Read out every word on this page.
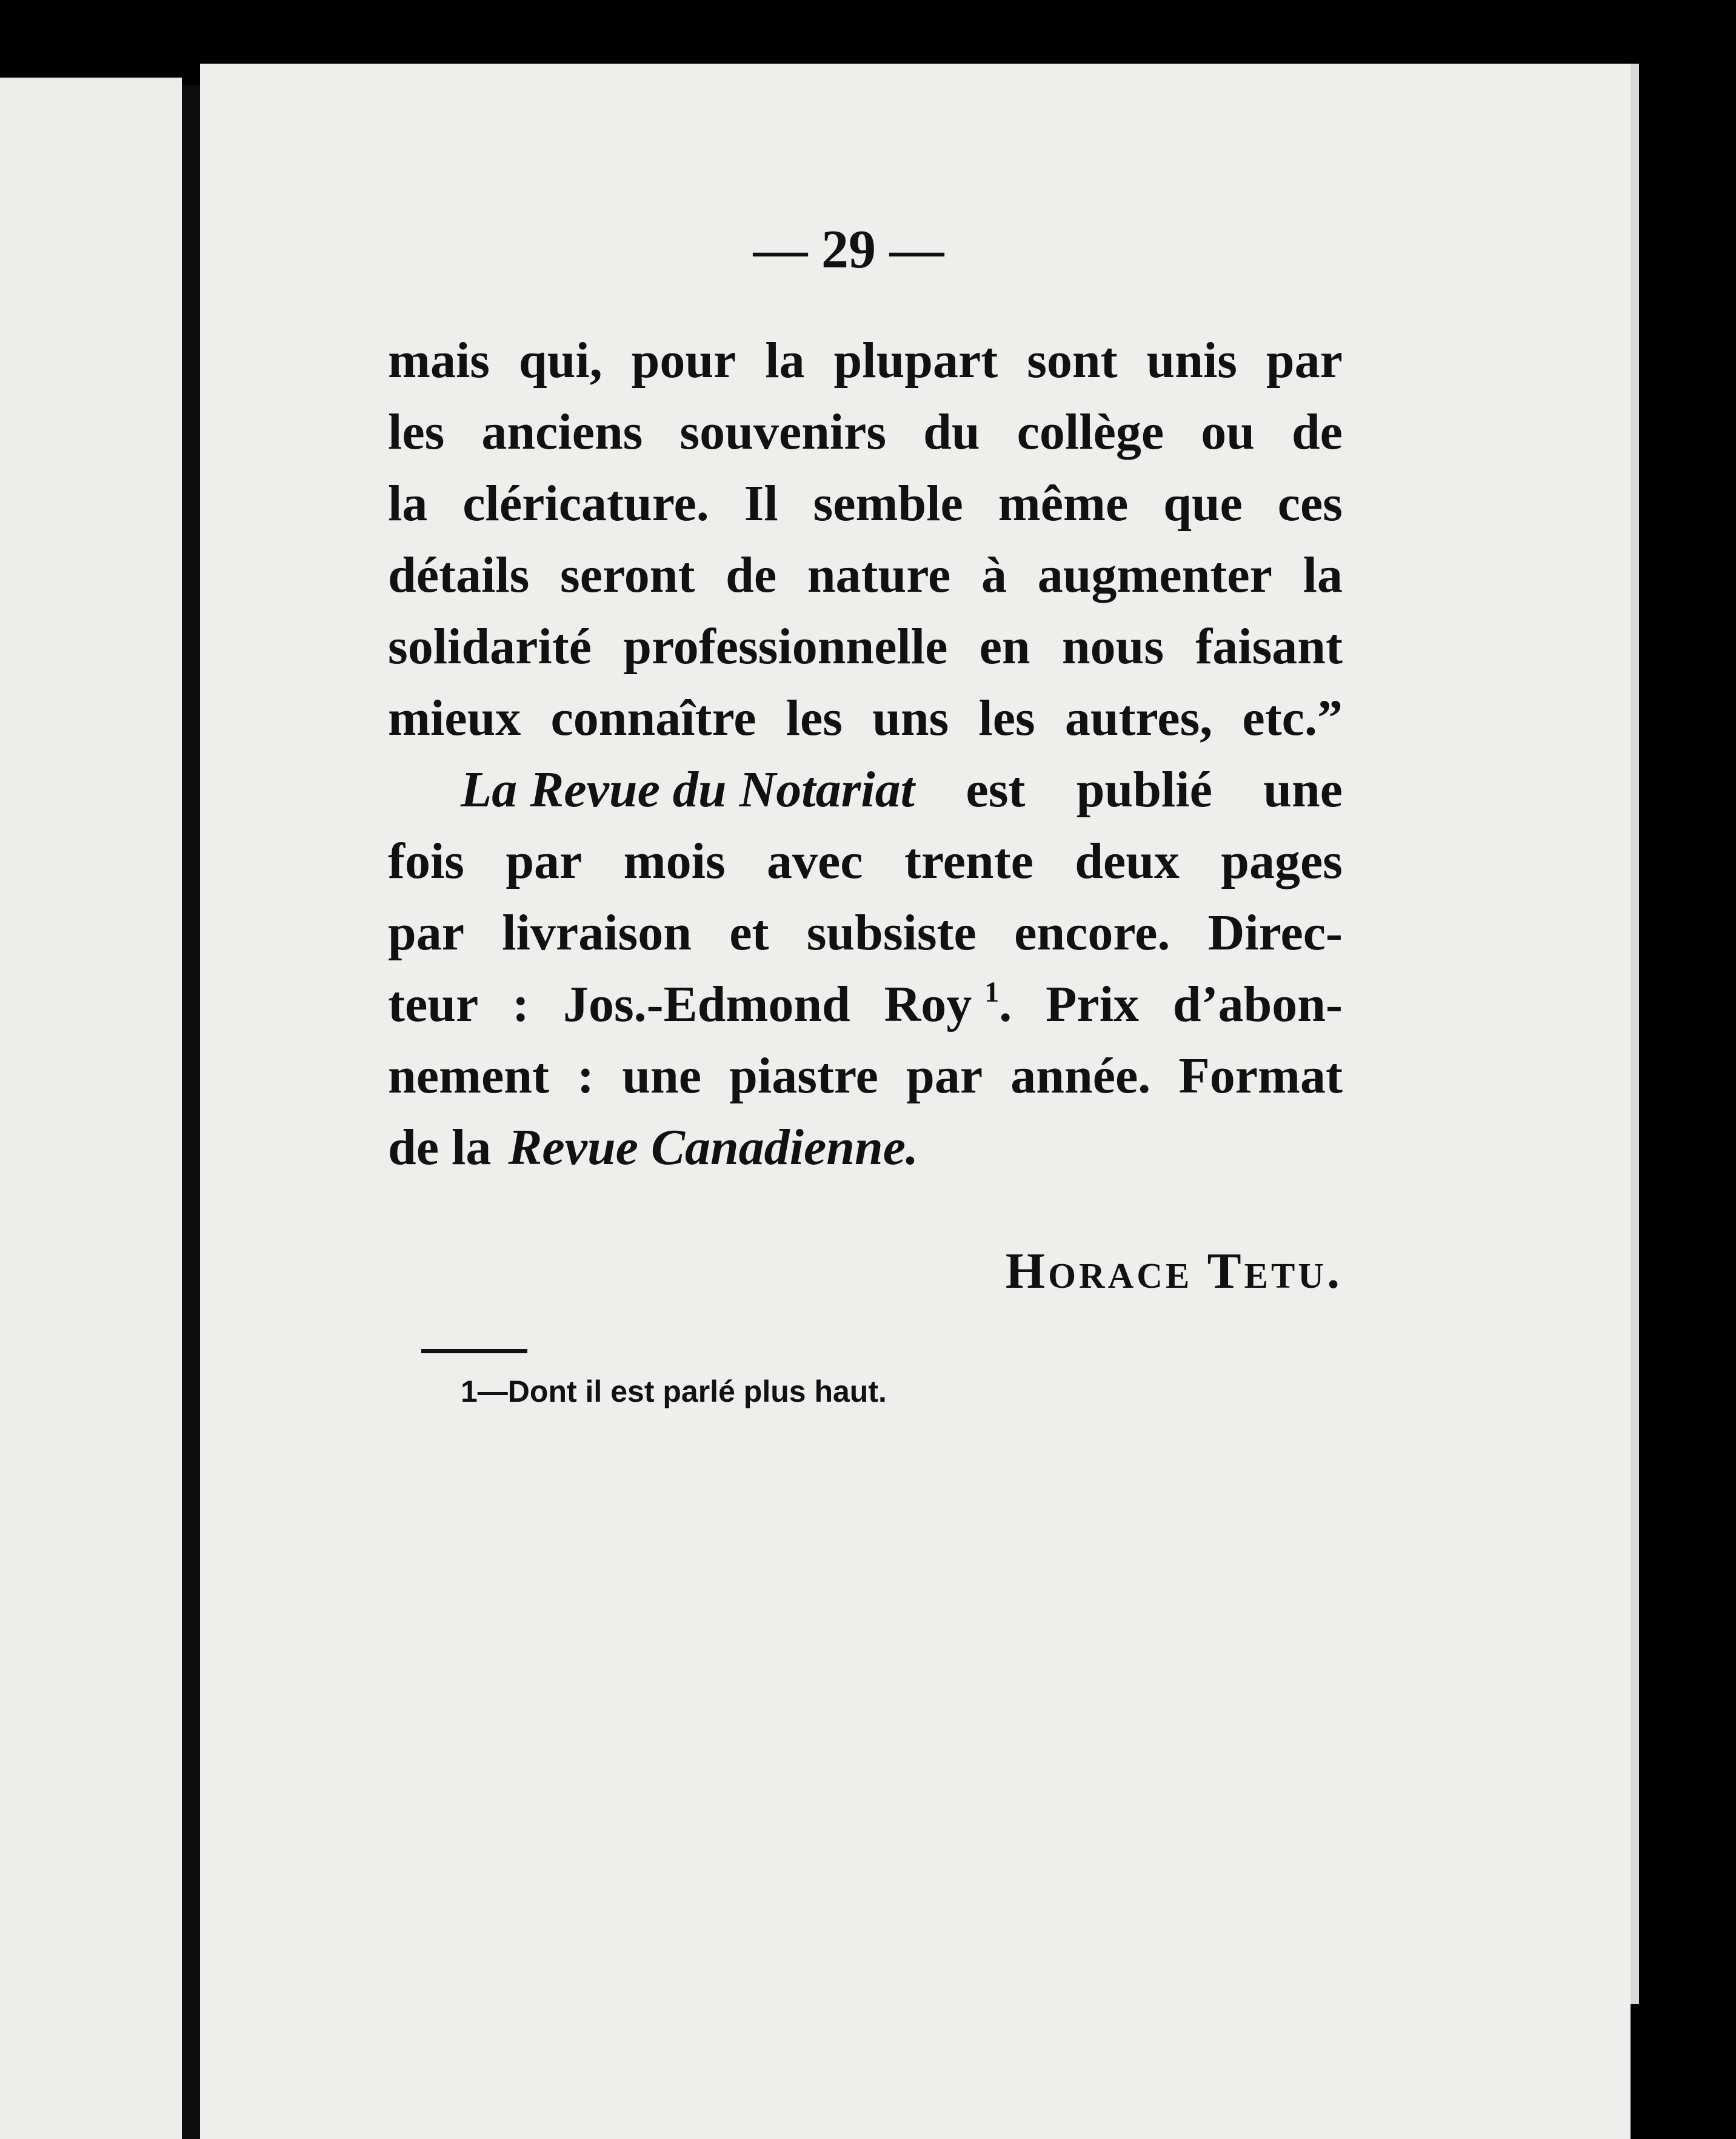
— 29 —

mais qui, pour la plupart sont unis par
les anciens souvenirs du collège ou de
la cléricature. Il semble même que ces
détails seront de nature à augmenter la
solidarité professionnelle en nous faisant
mieux connaître les uns les autres, etc.”
La Revue du Notariat est publié une
fois par mois avec trente deux pages
par livraison et subsiste encore. Direc-
teur : Jos.-Edmond Roy $^1$. Prix d’abon-
nement : une piastre par année. Format
de la Revue Canadienne.
Horace Tetu.
1—Dont il est parlé plus haut.
